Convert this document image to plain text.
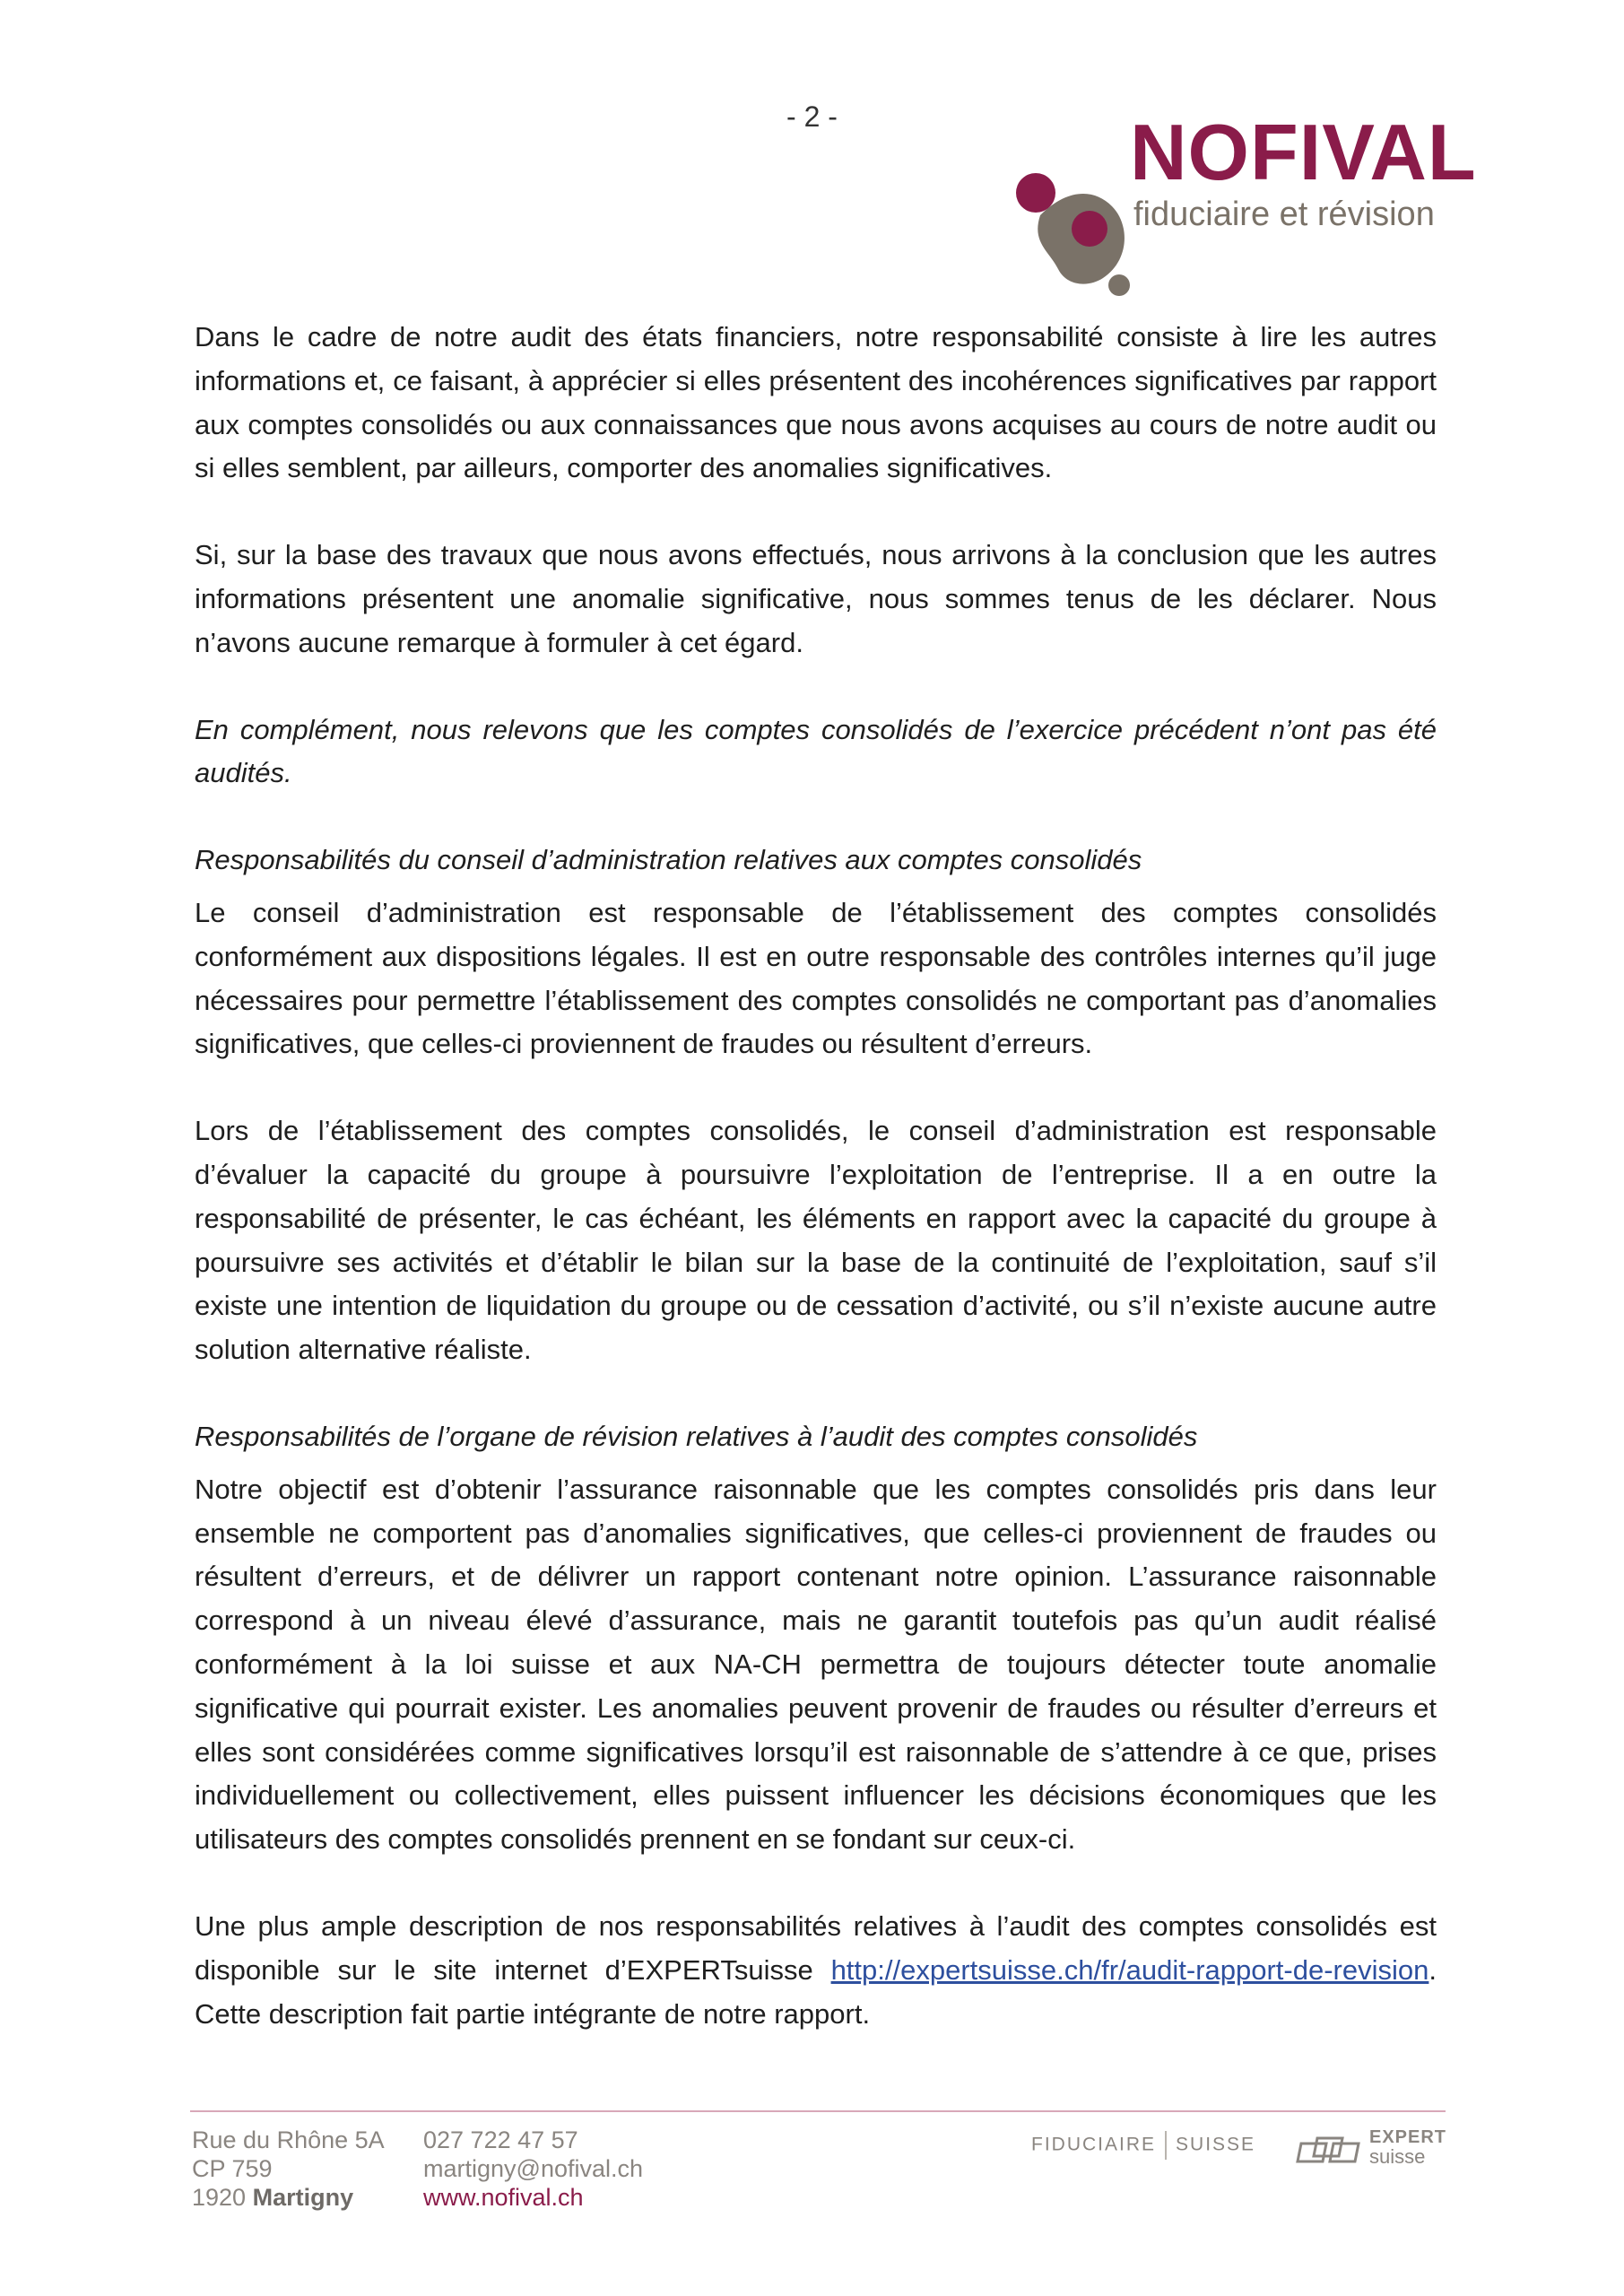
- 2 -	NOFIVAL
fiduciaire et révision

Dans le cadre de notre audit des états financiers, notre responsabilité consiste à lire les autres informations et, ce faisant, à apprécier si elles présentent des incohérences significatives par rapport aux comptes consolidés ou aux connaissances que nous avons acquises au cours de notre audit ou si elles semblent, par ailleurs, comporter des anomalies significatives.

Si, sur la base des travaux que nous avons effectués, nous arrivons à la conclusion que les autres informations présentent une anomalie significative, nous sommes tenus de les déclarer. Nous n’avons aucune remarque à formuler à cet égard.

En complément, nous relevons que les comptes consolidés de l’exercice précédent n’ont pas été audités.

Responsabilités du conseil d’administration relatives aux comptes consolidés

Le conseil d’administration est responsable de l’établissement des comptes consolidés conformément aux dispositions légales. Il est en outre responsable des contrôles internes qu’il juge nécessaires pour permettre l’établissement des comptes consolidés ne comportant pas d’anomalies significatives, que celles-ci proviennent de fraudes ou résultent d’erreurs.

Lors de l’établissement des comptes consolidés, le conseil d’administration est responsable d’évaluer la capacité du groupe à poursuivre l’exploitation de l’entreprise. Il a en outre la responsabilité de présenter, le cas échéant, les éléments en rapport avec la capacité du groupe à poursuivre ses activités et d’établir le bilan sur la base de la continuité de l’exploitation, sauf s’il existe une intention de liquidation du groupe ou de cessation d’activité, ou s’il n’existe aucune autre solution alternative réaliste.

Responsabilités de l’organe de révision relatives à l’audit des comptes consolidés

Notre objectif est d’obtenir l’assurance raisonnable que les comptes consolidés pris dans leur ensemble ne comportent pas d’anomalies significatives, que celles-ci proviennent de fraudes ou résultent d’erreurs, et de délivrer un rapport contenant notre opinion. L’assurance raisonnable correspond à un niveau élevé d’assurance, mais ne garantit toutefois pas qu’un audit réalisé conformément à la loi suisse et aux NA-CH permettra de toujours détecter toute anomalie significative qui pourrait exister. Les anomalies peuvent provenir de fraudes ou résulter d’erreurs et elles sont considérées comme significatives lorsqu’il est raisonnable de s’attendre à ce que, prises individuellement ou collectivement, elles puissent influencer les décisions économiques que les utilisateurs des comptes consolidés prennent en se fondant sur ceux-ci.

Une plus ample description de nos responsabilités relatives à l’audit des comptes consolidés est disponible sur le site internet d’EXPERTsuisse http://expertsuisse.ch/fr/audit-rapport-de-revision. Cette description fait partie intégrante de notre rapport.

Rue du Rhône 5A
CP 759
1920 Martigny
027 722 47 57
martigny@nofival.ch
www.nofival.ch
FIDUCIAIRE SUISSE	EXPERT
suisse
